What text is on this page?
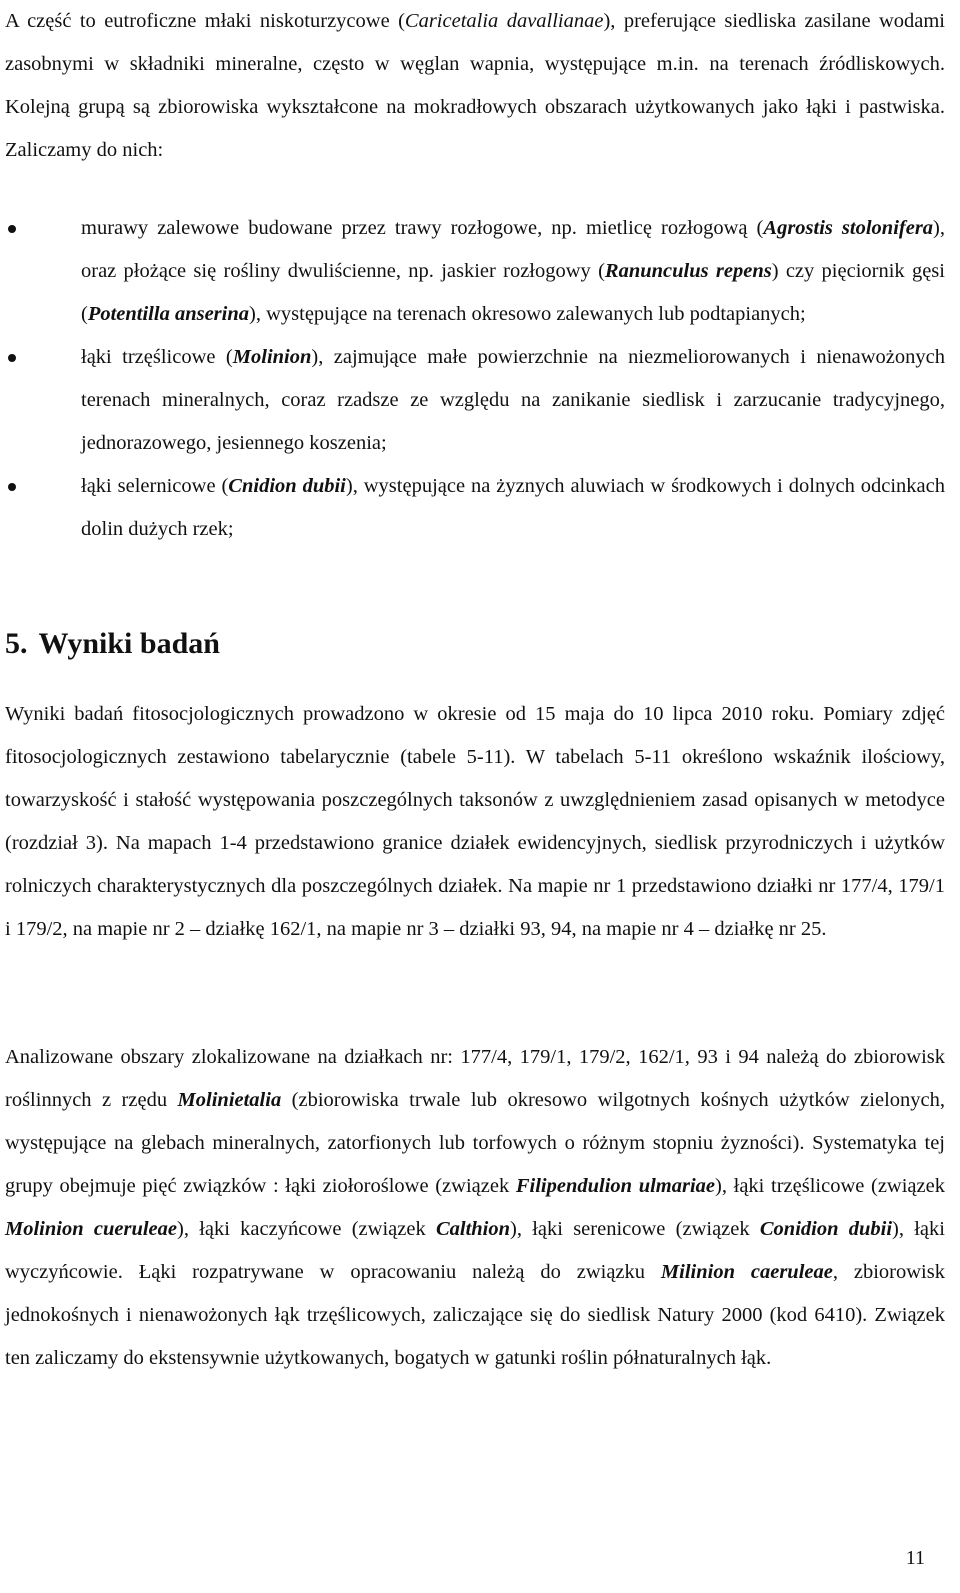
A część to eutroficzne młaki niskoturzycowe (Caricetalia davallianae), preferujące siedliska zasilane wodami zasobnymi w składniki mineralne, często w węglan wapnia, występujące m.in. na terenach źródliskowych. Kolejną grupą są zbiorowiska wykształcone na mokradłowych obszarach użytkowanych jako łąki i pastwiska. Zaliczamy do nich:

murawy zalewowe budowane przez trawy rozłogowe, np. mietlicę rozłogową (Agrostis stolonifera), oraz płożące się rośliny dwuliścienne, np. jaskier rozłogowy (Ranunculus repens) czy pięciornik gęsi (Potentilla anserina), występujące na terenach okresowo zalewanych lub podtapianych;
łąki trzęślicowe (Molinion), zajmujące małe powierzchnie na niezmeliorowanych i nienawożonych terenach mineralnych, coraz rzadsze ze względu na zanikanie siedlisk i zarzucanie tradycyjnego, jednorazowego, jesiennego koszenia;
łąki selernicowe (Cnidion dubii), występujące na żyznych aluwiach w środkowych i dolnych odcinkach dolin dużych rzek;
5. Wyniki badań

Wyniki badań fitosocjologicznych prowadzono w okresie od 15 maja do 10 lipca 2010 roku. Pomiary zdjęć fitosocjologicznych zestawiono tabelarycznie (tabele 5-11). W tabelach 5-11 określono wskaźnik ilościowy, towarzyskość i stałość występowania poszczególnych taksonów z uwzględnieniem zasad opisanych w metodyce (rozdział 3). Na mapach 1-4 przedstawiono granice działek ewidencyjnych, siedlisk przyrodniczych i użytków rolniczych charakterystycznych dla poszczególnych działek. Na mapie nr 1 przedstawiono działki nr 177/4, 179/1 i 179/2, na mapie nr 2 – działkę 162/1, na mapie nr 3 – działki 93, 94, na mapie nr 4 – działkę nr 25.

Analizowane obszary zlokalizowane na działkach nr: 177/4, 179/1, 179/2, 162/1, 93 i 94 należą do zbiorowisk roślinnych z rzędu Molinietalia (zbiorowiska trwale lub okresowo wilgotnych kośnych użytków zielonych, występujące na glebach mineralnych, zatorfionych lub torfowych o różnym stopniu żyzności). Systematyka tej grupy obejmuje pięć związków : łąki ziołoroślowe (związek Filipendulion ulmariae), łąki trzęślicowe (związek Molinion cueruleae), łąki kaczyńcowe (związek Calthion), łąki serenicowe (związek Conidion dubii), łąki wyczyńcowie. Łąki rozpatrywane w opracowaniu należą do związku Milinion caeruleae, zbiorowisk jednokośnych i nienawożonych łąk trzęślicowych, zaliczające się do siedlisk Natury 2000 (kod 6410). Związek ten zaliczamy do ekstensywnie użytkowanych, bogatych w gatunki roślin półnaturalnych łąk.

11
